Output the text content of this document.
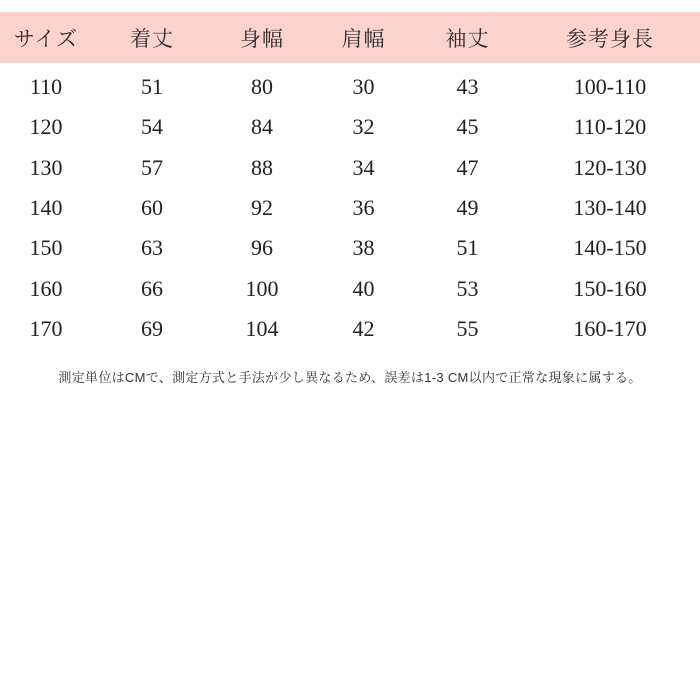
サイズ	着丈	身幅	肩幅	袖丈	参考身長
110	51	80	30	43	100-110
120	54	84	32	45	110-120
130	57	88	34	47	120-130
140	60	92	36	49	130-140
150	63	96	38	51	140-150
160	66	100	40	53	150-160
170	69	104	42	55	160-170
測定単位はCMで、測定方式と手法が少し異なるため、誤差は1-3 CM以内で正常な現象に属する。
